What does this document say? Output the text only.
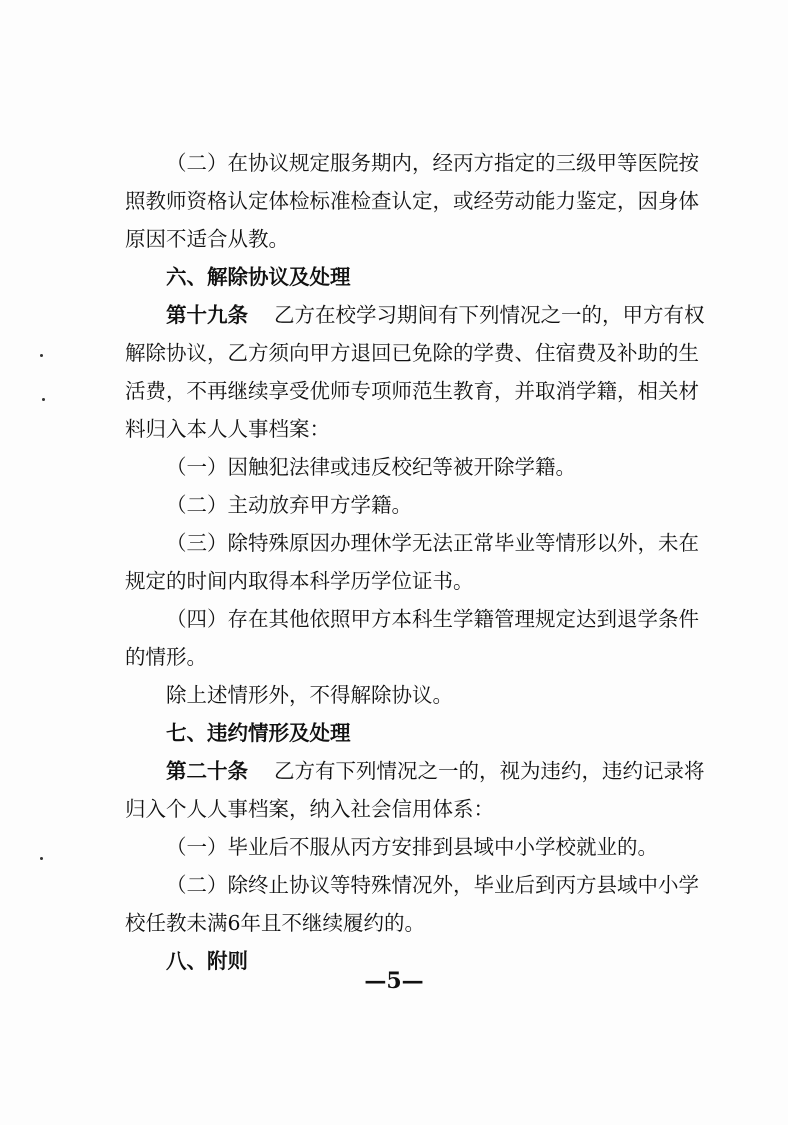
（二）在协议规定服务期内，经丙方指定的三级甲等医院按
照教师资格认定体检标准检查认定，或经劳动能力鉴定，因身体
原因不适合从教。
六、解除协议及处理
第十九条 乙方在校学习期间有下列情况之一的，甲方有权
解除协议，乙方须向甲方退回已免除的学费、住宿费及补助的生
活费，不再继续享受优师专项师范生教育，并取消学籍，相关材
料归入本人人事档案：
（一）因触犯法律或违反校纪等被开除学籍。
（二）主动放弃甲方学籍。
（三）除特殊原因办理休学无法正常毕业等情形以外，未在
规定的时间内取得本科学历学位证书。
（四）存在其他依照甲方本科生学籍管理规定达到退学条件
的情形。
除上述情形外，不得解除协议。
七、违约情形及处理
第二十条 乙方有下列情况之一的，视为违约，违约记录将
归入个人人事档案，纳入社会信用体系：
（一）毕业后不服从丙方安排到县域中小学校就业的。
（二）除终止协议等特殊情况外，毕业后到丙方县域中小学
校任教未满6年且不继续履约的。
八、附则
—5—
